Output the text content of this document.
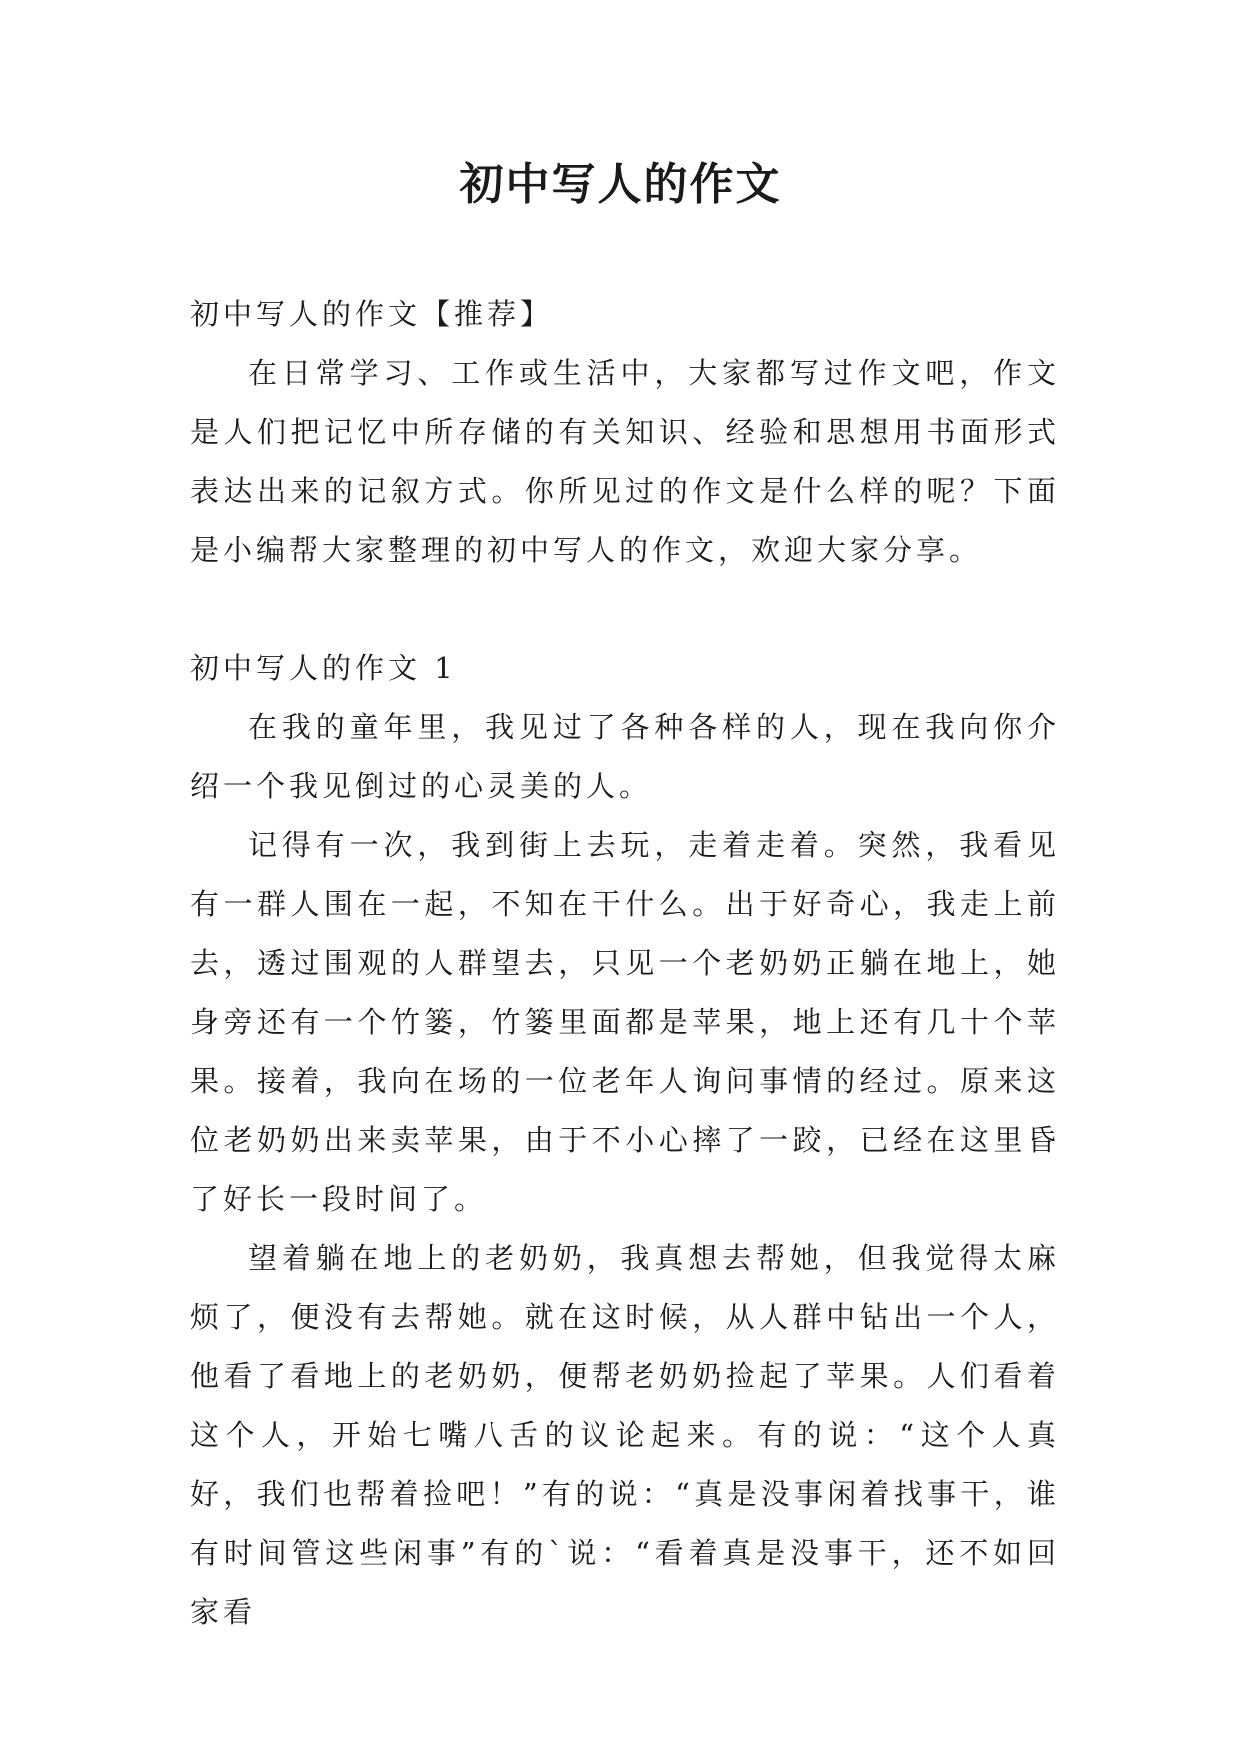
初中写人的作文

初中写人的作文【推荐】

在日常学习、工作或生活中，大家都写过作文吧，作文是人们把记忆中所存储的有关知识、经验和思想用书面形式表达出来的记叙方式。你所见过的作文是什么样的呢？下面是小编帮大家整理的初中写人的作文，欢迎大家分享。

初中写人的作文 1

在我的童年里，我见过了各种各样的人，现在我向你介绍一个我见倒过的心灵美的人。

记得有一次，我到街上去玩，走着走着。突然，我看见有一群人围在一起，不知在干什么。出于好奇心，我走上前去，透过围观的人群望去，只见一个老奶奶正躺在地上，她身旁还有一个竹篓，竹篓里面都是苹果，地上还有几十个苹果。接着，我向在场的一位老年人询问事情的经过。原来这位老奶奶出来卖苹果，由于不小心摔了一跤，已经在这里昏了好长一段时间了。

望着躺在地上的老奶奶，我真想去帮她，但我觉得太麻烦了，便没有去帮她。就在这时候，从人群中钻出一个人，他看了看地上的老奶奶，便帮老奶奶捡起了苹果。人们看着这个人，开始七嘴八舌的议论起来。有的说：“这个人真好，我们也帮着捡吧！”有的说：“真是没事闲着找事干，谁有时间管这些闲事”有的`说：“看着真是没事干，还不如回家看
